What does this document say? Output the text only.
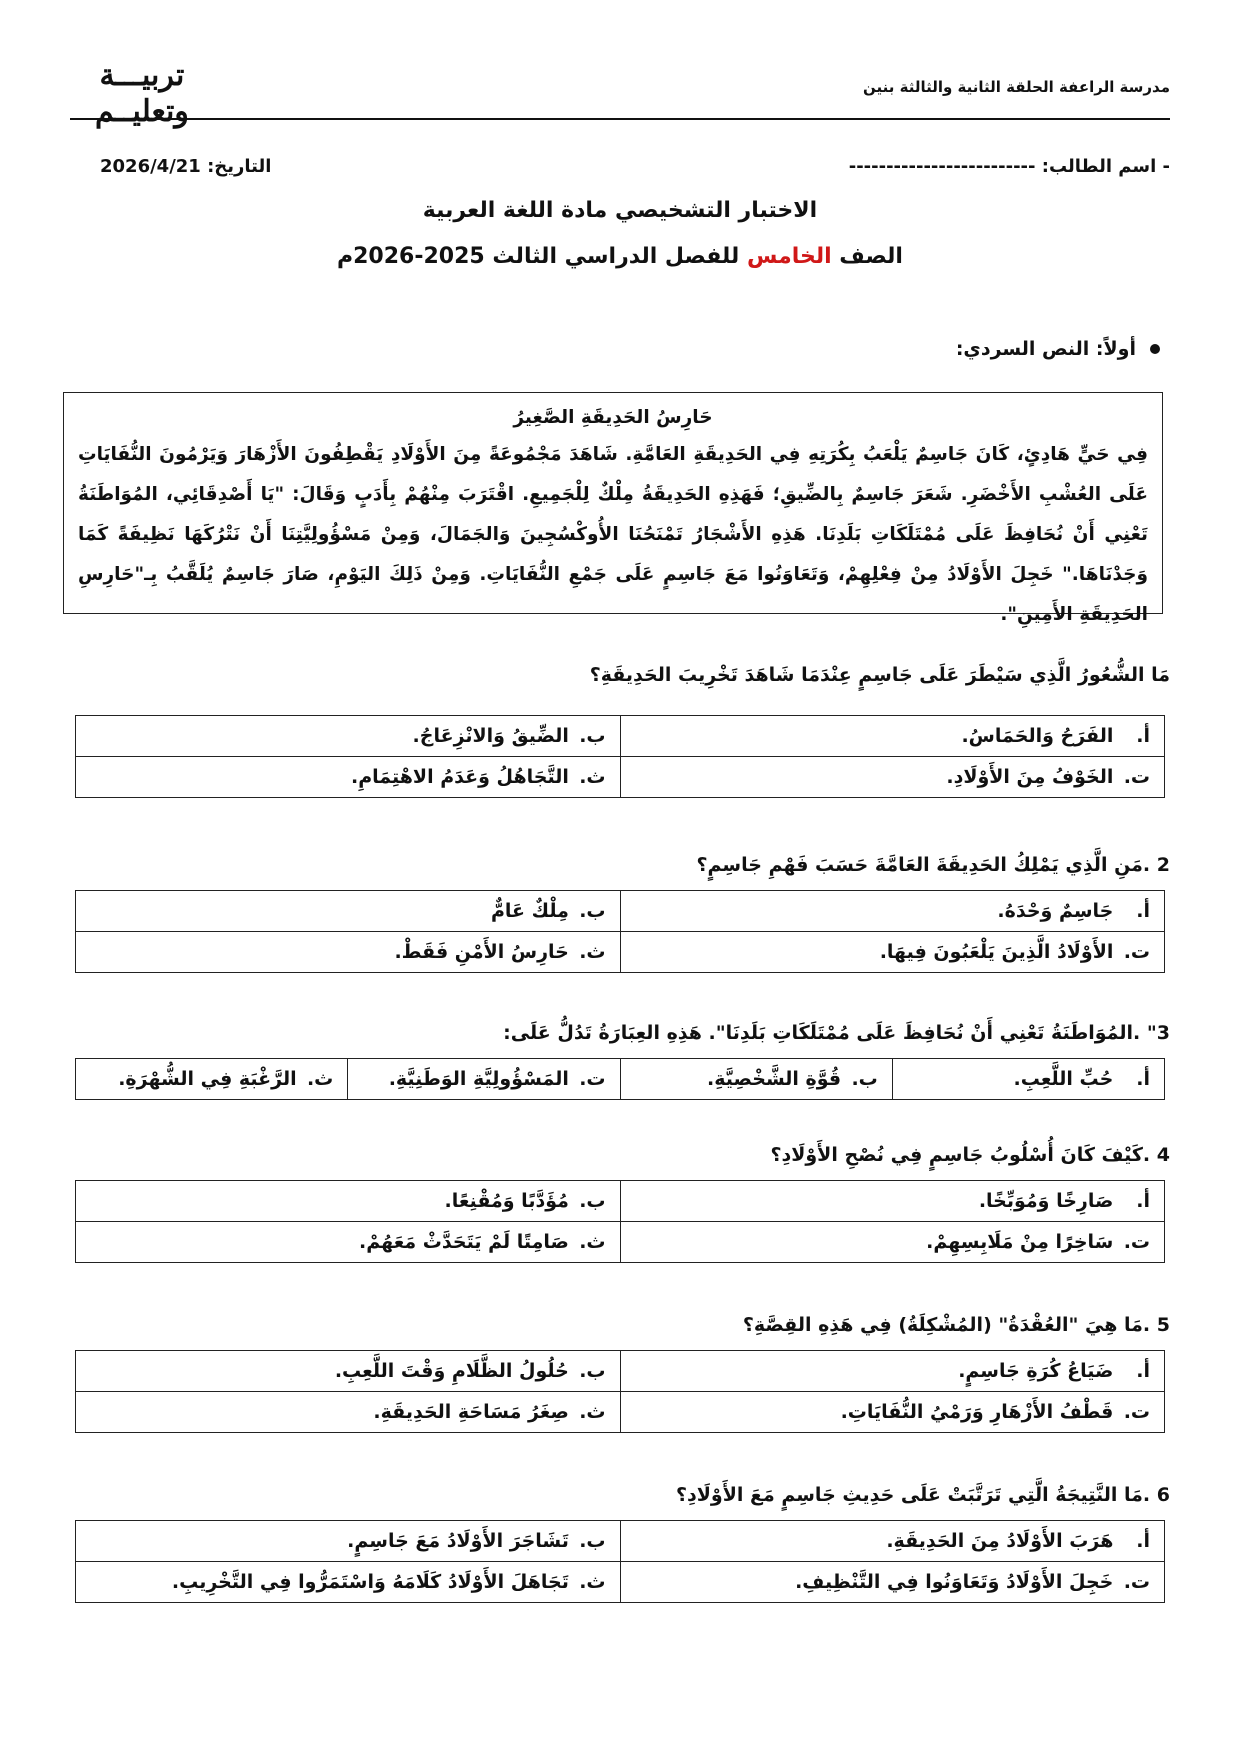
مدرسة الراعفة الحلقة الثانية والثالثة بنين
تربيـــة
وتعليــم
- اسم الطالب: -------------------------
التاريخ: 2026/4/21
الاختبار التشخيصي مادة اللغة العربية
الصف الخامس للفصل الدراسي الثالث 2025-2026م
أولاً: النص السردي:
حَارِسُ الحَدِيقَةِ الصَّغِيرُ
فِي حَيٍّ هَادِئٍ، كَانَ جَاسِمٌ يَلْعَبُ بِكُرَتِهِ فِي الحَدِيقَةِ العَامَّةِ. شَاهَدَ مَجْمُوعَةً مِنَ الأَوْلَادِ يَقْطِفُونَ الأَزْهَارَ وَيَرْمُونَ النُّفَايَاتِ عَلَى العُشْبِ الأَخْضَرِ. شَعَرَ جَاسِمٌ بِالضِّيقِ؛ فَهَذِهِ الحَدِيقَةُ مِلْكٌ لِلْجَمِيعِ. اقْتَرَبَ مِنْهُمْ بِأَدَبٍ وَقَالَ: "يَا أَصْدِقَائِي، المُوَاطَنَةُ تَعْنِي أَنْ نُحَافِظَ عَلَى مُمْتَلَكَاتِ بَلَدِنَا. هَذِهِ الأَشْجَارُ تَمْنَحُنَا الأُوكْسُجِينَ وَالجَمَالَ، وَمِنْ مَسْؤُولِيَّتِنَا أَنْ نَتْرُكَهَا نَظِيفَةً كَمَا وَجَدْنَاهَا." خَجِلَ الأَوْلَادُ مِنْ فِعْلِهِمْ، وَتَعَاوَنُوا مَعَ جَاسِمٍ عَلَى جَمْعِ النُّفَايَاتِ. وَمِنْ ذَلِكَ اليَوْمِ، صَارَ جَاسِمٌ يُلَقَّبُ بِـ"حَارِسِ الحَدِيقَةِ الأَمِينِ".
مَا الشُّعُورُ الَّذِي سَيْطَرَ عَلَى جَاسِمٍ عِنْدَمَا شَاهَدَ تَخْرِيبَ الحَدِيقَةِ؟
أ. الفَرَحُ وَالحَمَاسُ.	ب. الضِّيقُ وَالانْزِعَاجُ.
ت. الخَوْفُ مِنَ الأَوْلَادِ.	ث. التَّجَاهُلُ وَعَدَمُ الاهْتِمَامِ.
2 .مَنِ الَّذِي يَمْلِكُ الحَدِيقَةَ العَامَّةَ حَسَبَ فَهْمِ جَاسِمٍ؟
أ. جَاسِمٌ وَحْدَهُ.	ب. مِلْكٌ عَامٌّ
ت. الأَوْلَادُ الَّذِينَ يَلْعَبُونَ فِيهَا.	ث. حَارِسُ الأَمْنِ فَقَطْ.
3" .المُوَاطَنَةُ تَعْنِي أَنْ نُحَافِظَ عَلَى مُمْتَلَكَاتِ بَلَدِنَا". هَذِهِ العِبَارَةُ تَدُلُّ عَلَى:
أ. حُبِّ اللَّعِبِ.	ب. قُوَّةِ الشَّخْصِيَّةِ.	ت. المَسْؤُولِيَّةِ الوَطَنِيَّةِ.	ث. الرَّغْبَةِ فِي الشُّهْرَةِ.
4 .كَيْفَ كَانَ أُسْلُوبُ جَاسِمٍ فِي نُصْحِ الأَوْلَادِ؟
أ. صَارِخًا وَمُوَبِّخًا.	ب. مُؤَدَّبًا وَمُقْنِعًا.
ت. سَاخِرًا مِنْ مَلَابِسِهِمْ.	ث. صَامِتًا لَمْ يَتَحَدَّثْ مَعَهُمْ.
5 .مَا هِيَ "العُقْدَةُ" (المُشْكِلَةُ) فِي هَذِهِ القِصَّةِ؟
أ. ضَيَاعُ كُرَةِ جَاسِمٍ.	ب. حُلُولُ الظَّلَامِ وَقْتَ اللَّعِبِ.
ت. قَطْفُ الأَزْهَارِ وَرَمْيُ النُّفَايَاتِ.	ث. صِغَرُ مَسَاحَةِ الحَدِيقَةِ.
6 .مَا النَّتِيجَةُ الَّتِي تَرَتَّبَتْ عَلَى حَدِيثِ جَاسِمٍ مَعَ الأَوْلَادِ؟
أ. هَرَبَ الأَوْلَادُ مِنَ الحَدِيقَةِ.	ب. تَشَاجَرَ الأَوْلَادُ مَعَ جَاسِمٍ.
ت. خَجِلَ الأَوْلَادُ وَتَعَاوَنُوا فِي التَّنْظِيفِ.	ث. تَجَاهَلَ الأَوْلَادُ كَلَامَهُ وَاسْتَمَرُّوا فِي التَّخْرِيبِ.
